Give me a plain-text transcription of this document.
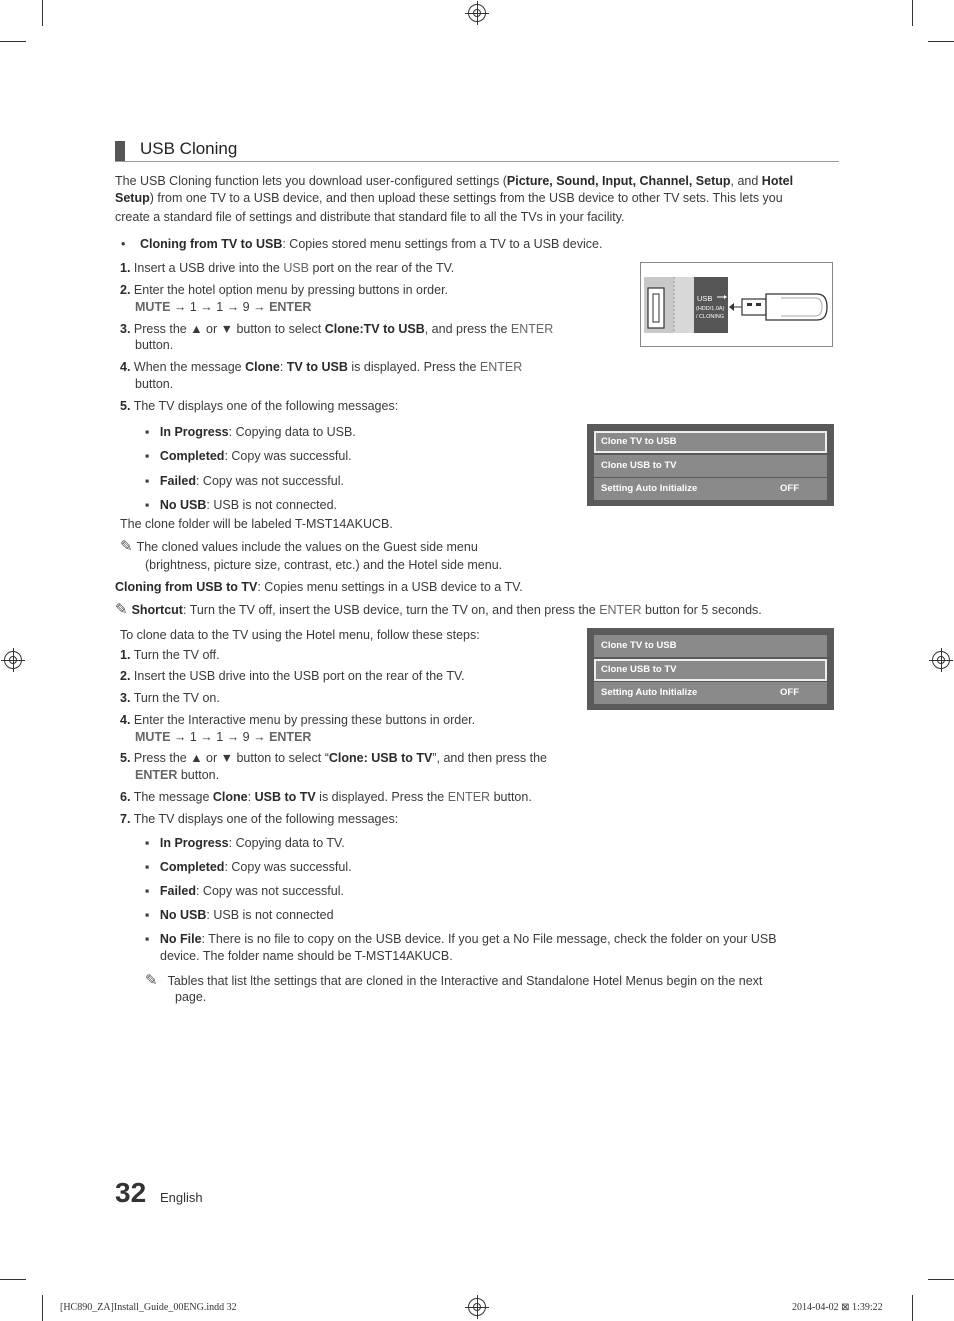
USB Cloning
The USB Cloning function lets you download user-configured settings (Picture, Sound, Input, Channel, Setup, and Hotel
Setup) from one TV to a USB device, and then upload these settings from the USB device to other TV sets. This lets you
create a standard file of settings and distribute that standard file to all the TVs in your facility.
• Cloning from TV to USB: Copies stored menu settings from a TV to a USB device.
1. Insert a USB drive into the USB port on the rear of the TV.
2. Enter the hotel option menu by pressing buttons in order.
MUTE → 1 → 1 → 9 → ENTER
3. Press the ▲ or ▼ button to select Clone:TV to USB, and press the ENTER
button.
4. When the message Clone: TV to USB is displayed. Press the ENTER
button.
5. The TV displays one of the following messages:
▪   In Progress: Copying data to USB.
▪   Completed: Copy was successful.
▪   Failed: Copy was not successful.
▪   No USB: USB is not connected.
The clone folder will be labeled T-MST14AKUCB.
✎ The cloned values include the values on the Guest side menu
(brightness, picture size, contrast, etc.) and the Hotel side menu.
Cloning from USB to TV: Copies menu settings in a USB device to a TV.
✎ Shortcut: Turn the TV off, insert the USB device, turn the TV on, and then press the ENTER button for 5 seconds.
To clone data to the TV using the Hotel menu, follow these steps:
1. Turn the TV off.
2. Insert the USB drive into the USB port on the rear of the TV.
3. Turn the TV on.
4. Enter the Interactive menu by pressing these buttons in order.
MUTE → 1 → 1 → 9 → ENTER
5. Press the ▲ or ▼ button to select “Clone: USB to TV”, and then press the
ENTER button.
6. The message Clone: USB to TV is displayed. Press the ENTER button.
7. The TV displays one of the following messages:
▪   In Progress: Copying data to TV.
▪   Completed: Copy was successful.
▪   Failed: Copy was not successful.
▪   No USB: USB is not connected
▪   No File: There is no file to copy on the USB device. If you get a No File message, check the folder on your USB
device. The folder name should be T-MST14AKUCB.
✎ Tables that list lthe settings that are cloned in the Interactive and Standalone Hotel Menus begin on the next
page.
USB
(HDD/1.0A)
/ CLONING
Clone TV to USB
Clone USB to TV
Setting Auto Initialize	OFF
Clone TV to USB
Clone USB to TV
Setting Auto Initialize	OFF
32 English
[HC890_ZA]Install_Guide_00ENG.indd 32	2014-04-02 ⊠ 1:39:22
